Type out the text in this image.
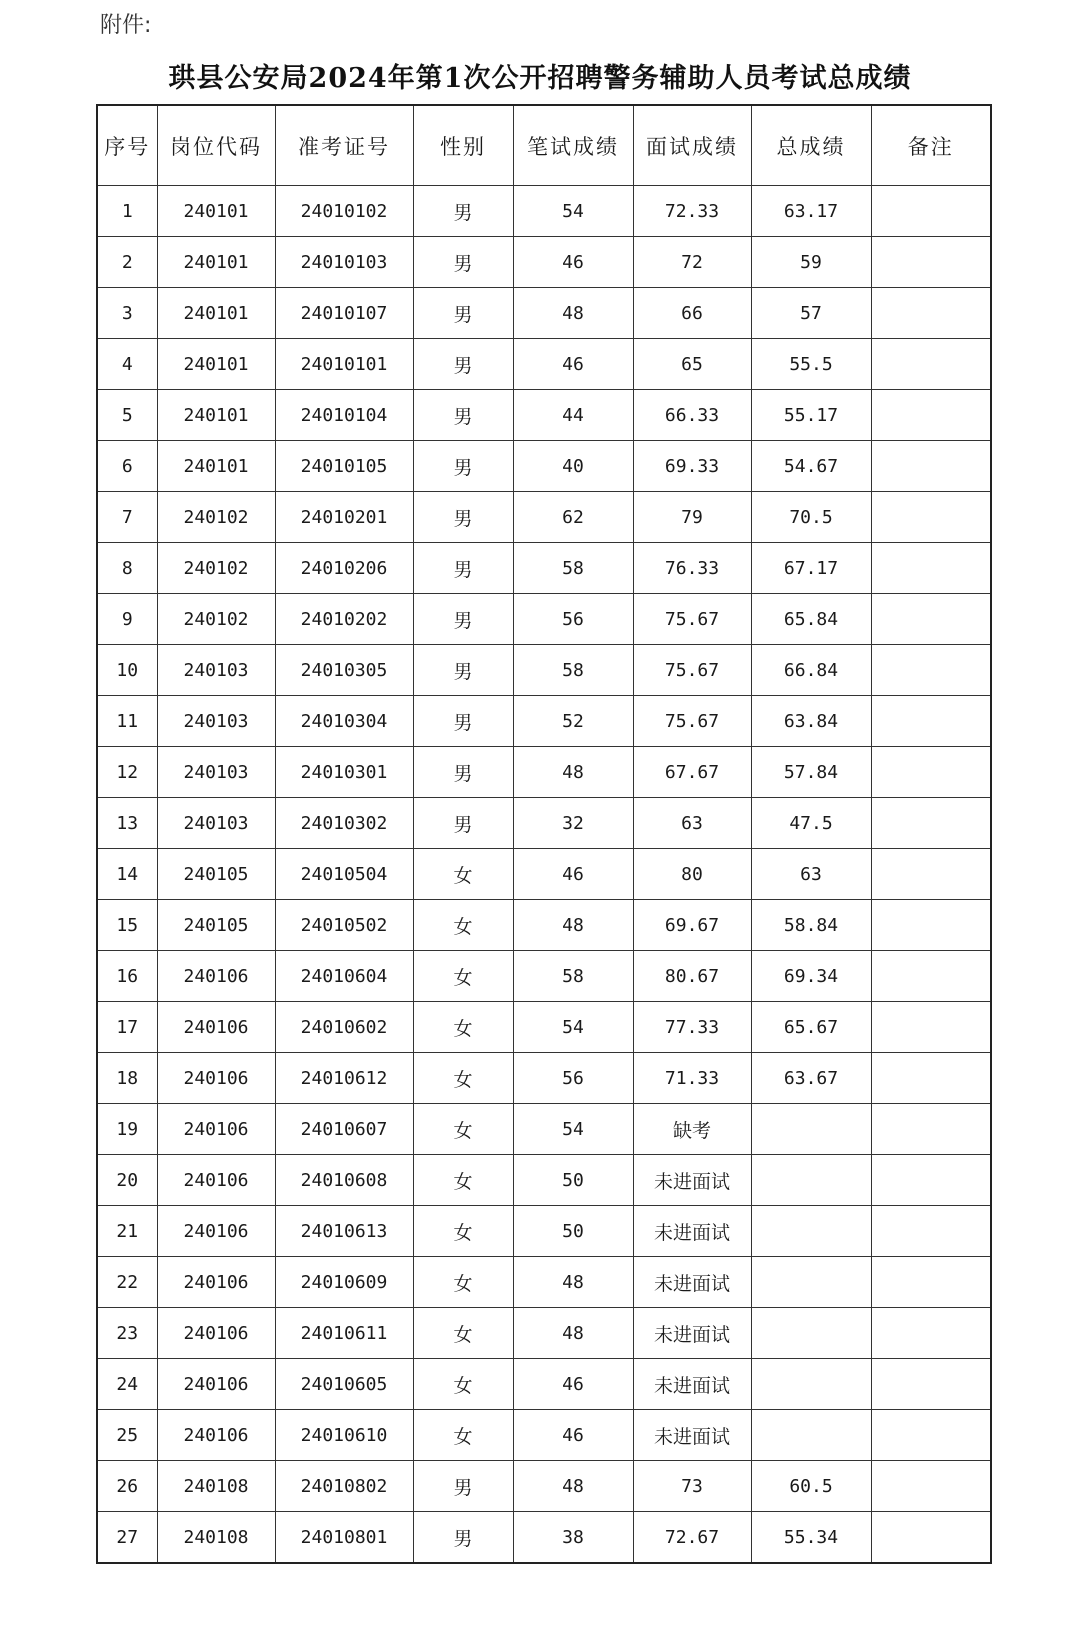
附件:
珙县公安局2024年第1次公开招聘警务辅助人员考试总成绩
序号	岗位代码	准考证号	性别	笔试成绩	面试成绩	总成绩	备注
1	240101	24010102	男	54	72.33	63.17	
2	240101	24010103	男	46	72	59	
3	240101	24010107	男	48	66	57	
4	240101	24010101	男	46	65	55.5	
5	240101	24010104	男	44	66.33	55.17	
6	240101	24010105	男	40	69.33	54.67	
7	240102	24010201	男	62	79	70.5	
8	240102	24010206	男	58	76.33	67.17	
9	240102	24010202	男	56	75.67	65.84	
10	240103	24010305	男	58	75.67	66.84	
11	240103	24010304	男	52	75.67	63.84	
12	240103	24010301	男	48	67.67	57.84	
13	240103	24010302	男	32	63	47.5	
14	240105	24010504	女	46	80	63	
15	240105	24010502	女	48	69.67	58.84	
16	240106	24010604	女	58	80.67	69.34	
17	240106	24010602	女	54	77.33	65.67	
18	240106	24010612	女	56	71.33	63.67	
19	240106	24010607	女	54	缺考		
20	240106	24010608	女	50	未进面试		
21	240106	24010613	女	50	未进面试		
22	240106	24010609	女	48	未进面试		
23	240106	24010611	女	48	未进面试		
24	240106	24010605	女	46	未进面试		
25	240106	24010610	女	46	未进面试		
26	240108	24010802	男	48	73	60.5	
27	240108	24010801	男	38	72.67	55.34	
